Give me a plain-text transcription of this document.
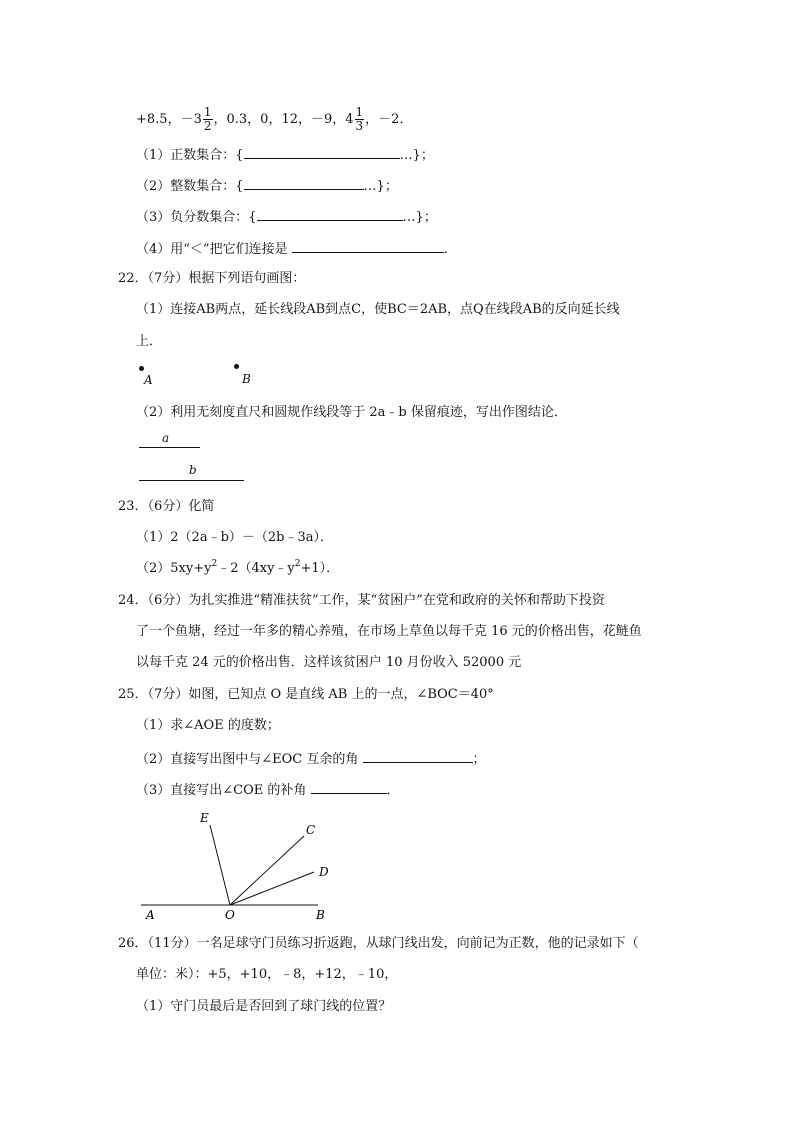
+8.5，$-3 \frac{1}{2}$ ，0.3，0，12，－9，$4 \frac{1}{3}$ ，－2．
（1）正数集合：{	…}；
（2）整数集合：{	…}；
（3）负分数集合：{	…}；
（4）用“＜”把它们连接是	．
22．（7分）根据下列语句画图：
（1）连接AB两点，延长线段AB到点C，使BC＝2AB，点Q在线段AB的反向延长线
上．
A	B
（2）利用无刻度直尺和圆规作线段等于 2a﹣b 保留痕迹，写出作图结论．
a
b
23．（6分）化简
（1）2（2a﹣b）－（2b﹣3a）．
$(2)5xy+y^2﹣2(4xy﹣y^2+1)$．
24．（6分）为扎实推进“精准扶贫”工作，某“贫困户”在党和政府的关怀和帮助下投资
了一个鱼塘，经过一年多的精心养殖，在市场上草鱼以每千克 16 元的价格出售，花鲢鱼
以每千克 24 元的价格出售．这样该贫困户 10 月份收入 52000 元
25．（7分）如图，已知点 O 是直线 AB 上的一点，∠BOC＝40°
（1）求∠AOE 的度数；
（2）直接写出图中与∠EOC 互余的角	；
（3）直接写出∠COE 的补角	．
E
C
D
A	O	B
26．（11分）一名足球守门员练习折返跑，从球门线出发，向前记为正数，他的记录如下（
单位：米）：+5，+10，﹣8，+12，﹣10，
（1）守门员最后是否回到了球门线的位置？
